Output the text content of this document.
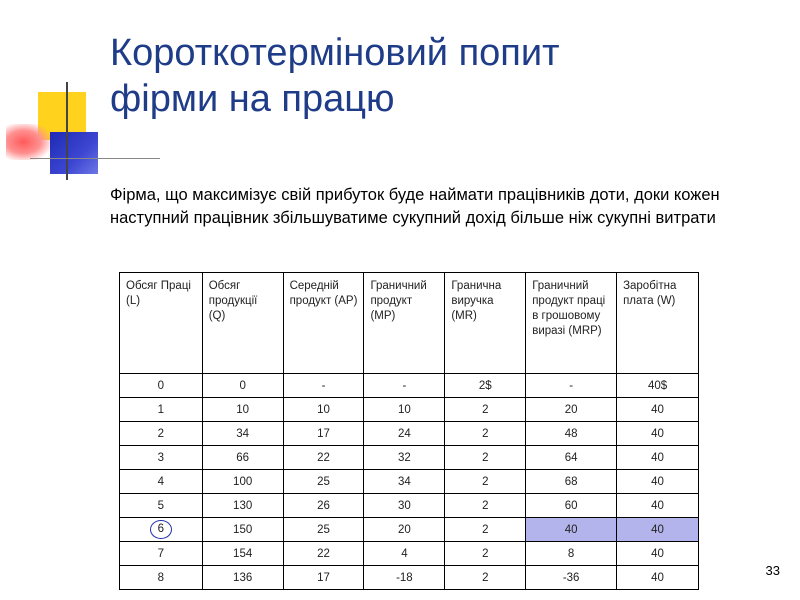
Короткотерміновий попит
фірми на працю

Фірма, що максимізує свій прибуток буде наймати працівників доти, доки кожен наступний працівник збільшуватиме сукупний дохід більше ніж сукупні витрати

Обсяг Праці (L)	Обсяг продукції (Q)	Середній продукт (AP)	Граничний продукт (MP)	Гранична виручка (MR)	Граничний продукт праці в грошовому виразі (MRP)	Заробітна плата (W)
0	0	-	-	2$	-	40$
1	10	10	10	2	20	40
2	34	17	24	2	48	40
3	66	22	32	2	64	40
4	100	25	34	2	68	40
5	130	26	30	2	60	40
6	150	25	20	2	40	40
7	154	22	4	2	8	40
8	136	17	-18	2	-36	40	33
